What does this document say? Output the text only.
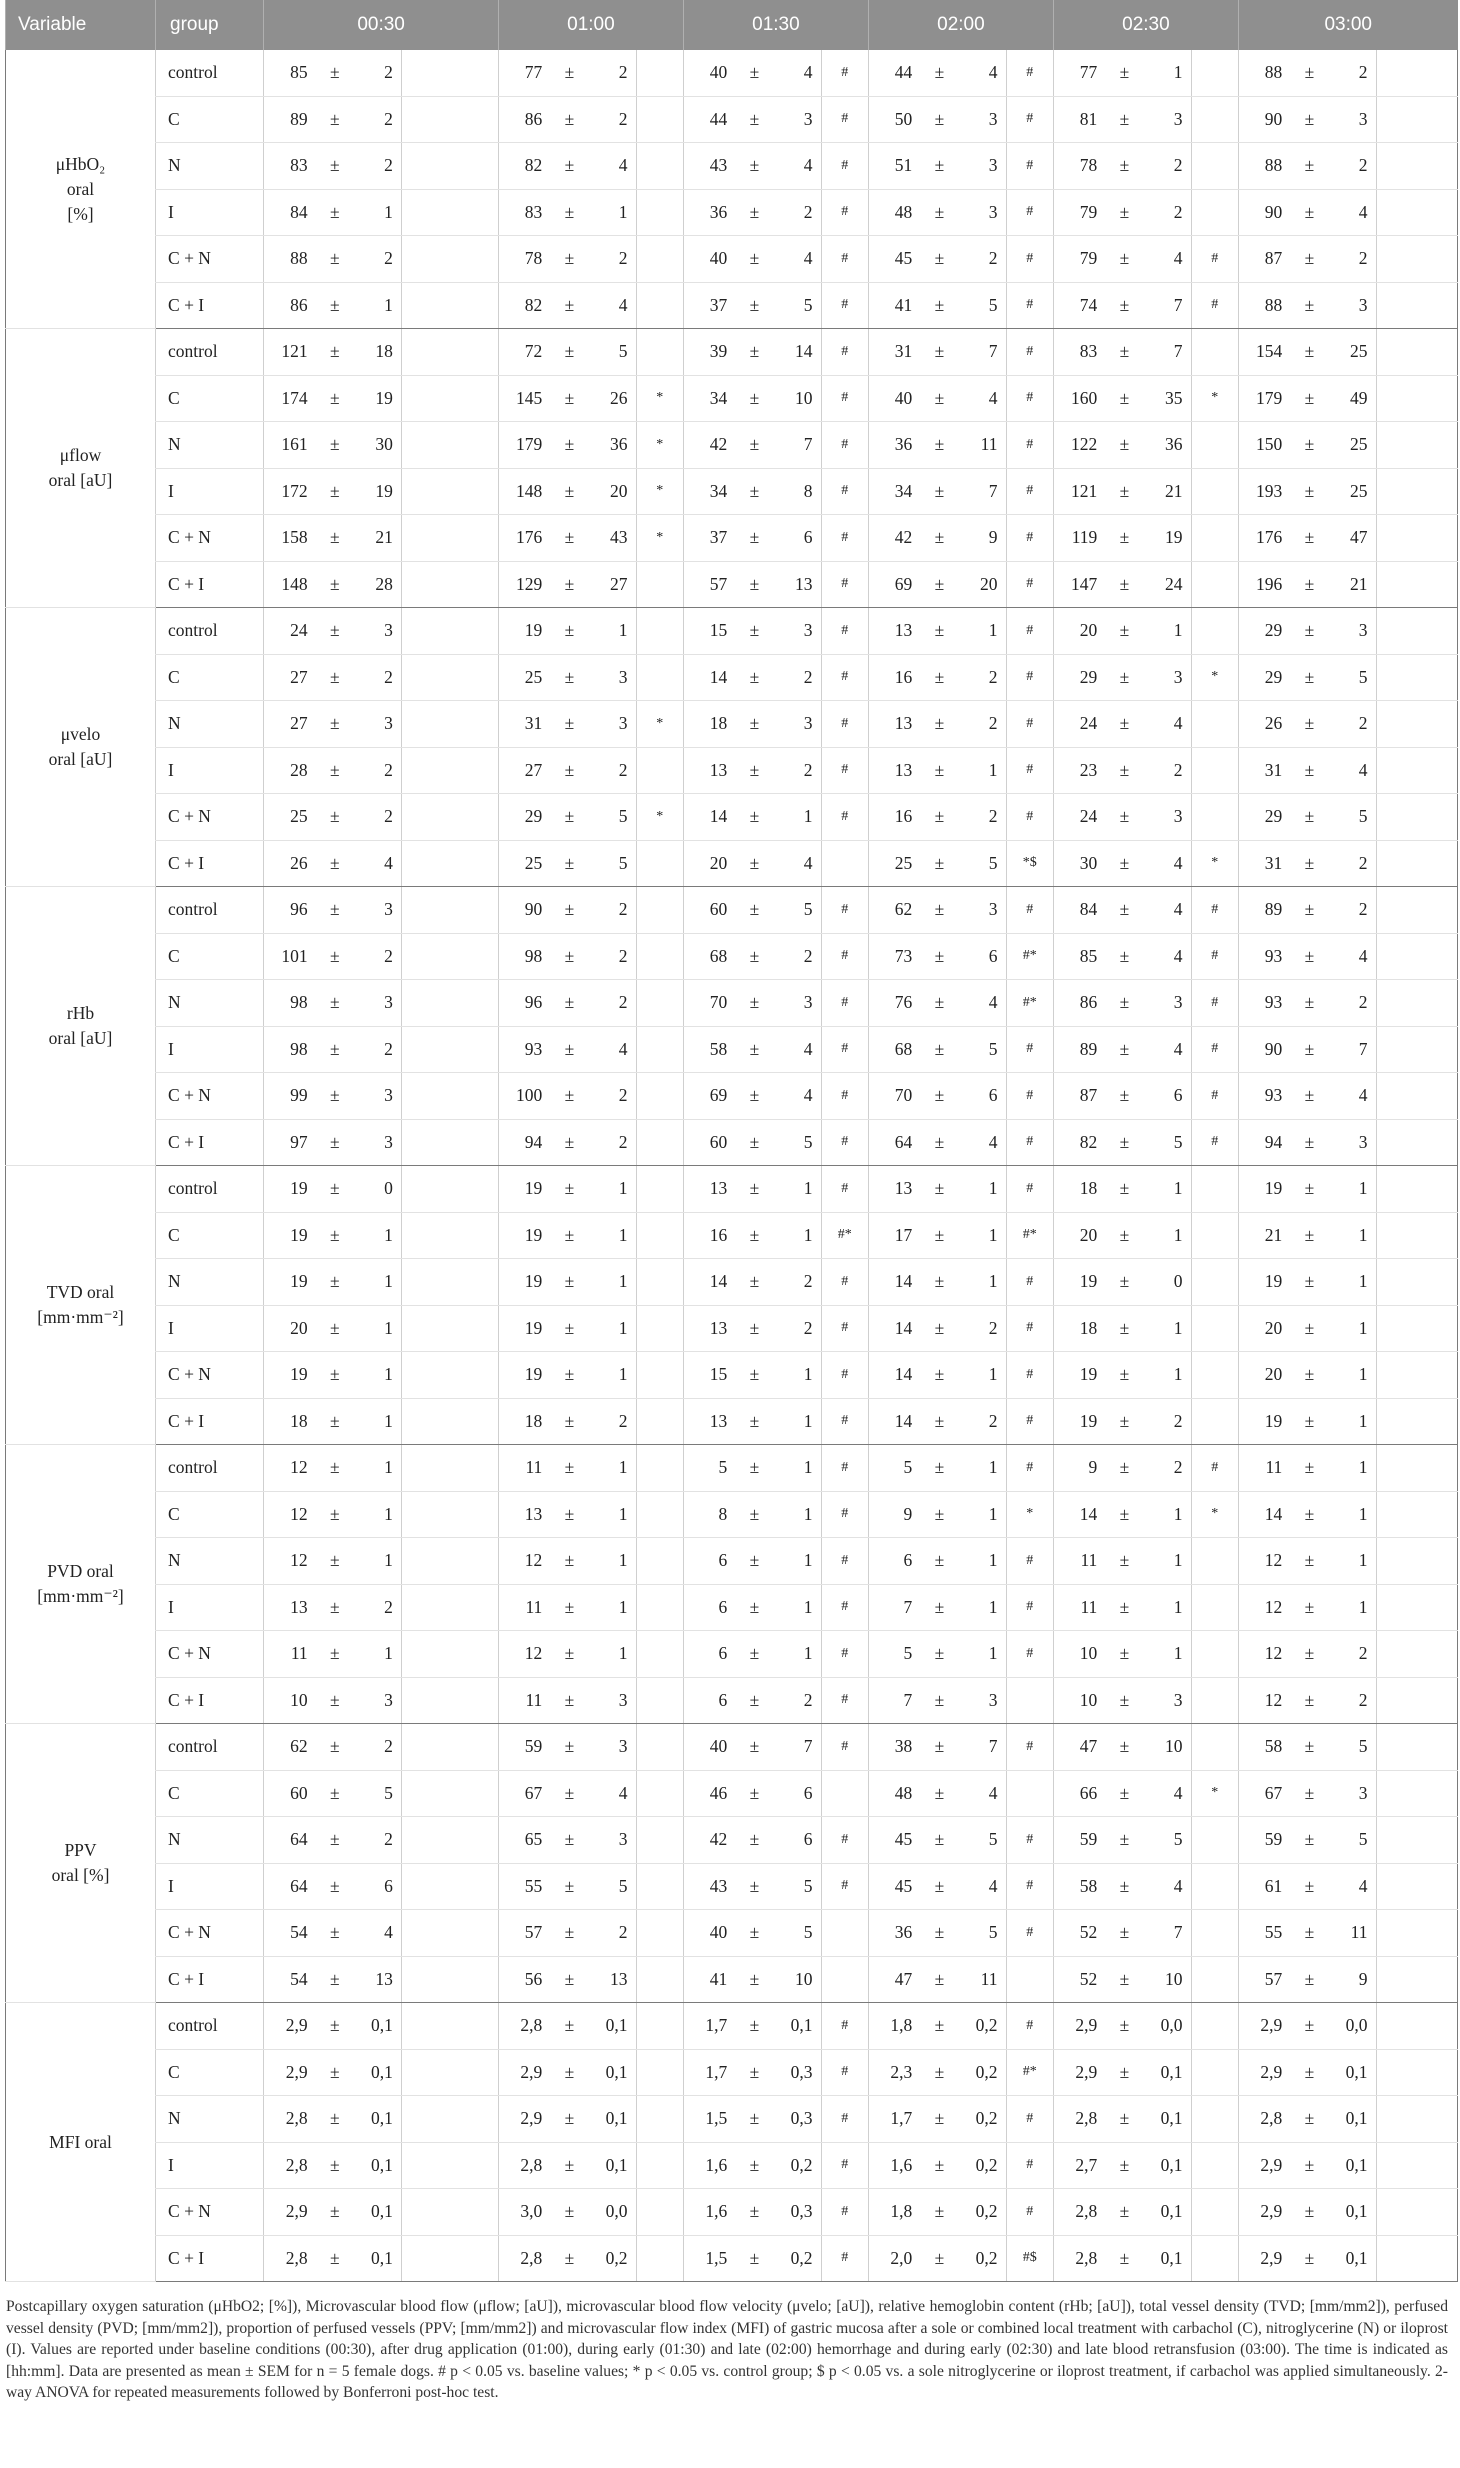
Variable	group	00:30				01:00				01:30				02:00				02:30				03:00			
μHbO₂
oral
[%]	control	85	±	2		77	±	2		40	±	4	#	44	±	4	#	77	±	1		88	±	2	
	C	89	±	2		86	±	2		44	±	3	#	50	±	3	#	81	±	3		90	±	3	
	N	83	±	2		82	±	4		43	±	4	#	51	±	3	#	78	±	2		88	±	2	
	I	84	±	1		83	±	1		36	±	2	#	48	±	3	#	79	±	2		90	±	4	
	C + N	88	±	2		78	±	2		40	±	4	#	45	±	2	#	79	±	4	#	87	±	2	
	C + I	86	±	1		82	±	4		37	±	5	#	41	±	5	#	74	±	7	#	88	±	3	
μflow
oral [aU]	control	121	±	18		72	±	5		39	±	14	#	31	±	7	#	83	±	7		154	±	25	
	C	174	±	19		145	±	26	*	34	±	10	#	40	±	4	#	160	±	35	*	179	±	49	
	N	161	±	30		179	±	36	*	42	±	7	#	36	±	11	#	122	±	36		150	±	25	
	I	172	±	19		148	±	20	*	34	±	8	#	34	±	7	#	121	±	21		193	±	25	
	C + N	158	±	21		176	±	43	*	37	±	6	#	42	±	9	#	119	±	19		176	±	47	
	C + I	148	±	28		129	±	27		57	±	13	#	69	±	20	#	147	±	24		196	±	21	
μvelo
oral [aU]	control	24	±	3		19	±	1		15	±	3	#	13	±	1	#	20	±	1		29	±	3	
	C	27	±	2		25	±	3		14	±	2	#	16	±	2	#	29	±	3	*	29	±	5	
	N	27	±	3		31	±	3	*	18	±	3	#	13	±	2	#	24	±	4		26	±	2	
	I	28	±	2		27	±	2		13	±	2	#	13	±	1	#	23	±	2		31	±	4	
	C + N	25	±	2		29	±	5	*	14	±	1	#	16	±	2	#	24	±	3		29	±	5	
	C + I	26	±	4		25	±	5		20	±	4		25	±	5	*$	30	±	4	*	31	±	2	
rHb
oral [aU]	control	96	±	3		90	±	2		60	±	5	#	62	±	3	#	84	±	4	#	89	±	2	
	C	101	±	2		98	±	2		68	±	2	#	73	±	6	#*	85	±	4	#	93	±	4	
	N	98	±	3		96	±	2		70	±	3	#	76	±	4	#*	86	±	3	#	93	±	2	
	I	98	±	2		93	±	4		58	±	4	#	68	±	5	#	89	±	4	#	90	±	7	
	C + N	99	±	3		100	±	2		69	±	4	#	70	±	6	#	87	±	6	#	93	±	4	
	C + I	97	±	3		94	±	2		60	±	5	#	64	±	4	#	82	±	5	#	94	±	3	
TVD oral
[mm·mm⁻²]	control	19	±	0		19	±	1		13	±	1	#	13	±	1	#	18	±	1		19	±	1	
	C	19	±	1		19	±	1		16	±	1	#*	17	±	1	#*	20	±	1		21	±	1	
	N	19	±	1		19	±	1		14	±	2	#	14	±	1	#	19	±	0		19	±	1	
	I	20	±	1		19	±	1		13	±	2	#	14	±	2	#	18	±	1		20	±	1	
	C + N	19	±	1		19	±	1		15	±	1	#	14	±	1	#	19	±	1		20	±	1	
	C + I	18	±	1		18	±	2		13	±	1	#	14	±	2	#	19	±	2		19	±	1	
PVD oral
[mm·mm⁻²]	control	12	±	1		11	±	1		5	±	1	#	5	±	1	#	9	±	2	#	11	±	1	
	C	12	±	1		13	±	1		8	±	1	#	9	±	1	*	14	±	1	*	14	±	1	
	N	12	±	1		12	±	1		6	±	1	#	6	±	1	#	11	±	1		12	±	1	
	I	13	±	2		11	±	1		6	±	1	#	7	±	1	#	11	±	1		12	±	1	
	C + N	11	±	1		12	±	1		6	±	1	#	5	±	1	#	10	±	1		12	±	2	
	C + I	10	±	3		11	±	3		6	±	2	#	7	±	3		10	±	3		12	±	2	
PPV
oral [%]	control	62	±	2		59	±	3		40	±	7	#	38	±	7	#	47	±	10		58	±	5	
	C	60	±	5		67	±	4		46	±	6		48	±	4		66	±	4	*	67	±	3	
	N	64	±	2		65	±	3		42	±	6	#	45	±	5	#	59	±	5		59	±	5	
	I	64	±	6		55	±	5		43	±	5	#	45	±	4	#	58	±	4		61	±	4	
	C + N	54	±	4		57	±	2		40	±	5		36	±	5	#	52	±	7		55	±	11	
	C + I	54	±	13		56	±	13		41	±	10		47	±	11		52	±	10		57	±	9	
MFI oral	control	2,9	±	0,1		2,8	±	0,1		1,7	±	0,1	#	1,8	±	0,2	#	2,9	±	0,0		2,9	±	0,0	
	C	2,9	±	0,1		2,9	±	0,1		1,7	±	0,3	#	2,3	±	0,2	#*	2,9	±	0,1		2,9	±	0,1	
	N	2,8	±	0,1		2,9	±	0,1		1,5	±	0,3	#	1,7	±	0,2	#	2,8	±	0,1		2,8	±	0,1	
	I	2,8	±	0,1		2,8	±	0,1		1,6	±	0,2	#	1,6	±	0,2	#	2,7	±	0,1		2,9	±	0,1	
	C + N	2,9	±	0,1		3,0	±	0,0		1,6	±	0,3	#	1,8	±	0,2	#	2,8	±	0,1		2,9	±	0,1	
	C + I	2,8	±	0,1		2,8	±	0,2		1,5	±	0,2	#	2,0	±	0,2	#$	2,8	±	0,1		2,9	±	0,1	
Postcapillary oxygen saturation (μHbO2; [%]), Microvascular blood flow (μflow; [aU]), microvascular blood flow velocity (μvelo; [aU]), relative hemoglobin content (rHb; [aU]), total vessel density (TVD; [mm/mm2]), perfused vessel density (PVD; [mm/mm2]), proportion of perfused vessels (PPV; [mm/mm2]) and microvascular flow index (MFI) of gastric mucosa after a sole or combined local treatment with carbachol (C), nitroglycerine (N) or iloprost (I). Values are reported under baseline conditions (00:30), after drug application (01:00), during early (01:30) and late (02:00) hemorrhage and during early (02:30) and late blood retransfusion (03:00). The time is indicated as [hh:mm]. Data are presented as mean ± SEM for n = 5 female dogs. # p < 0.05 vs. baseline values; * p < 0.05 vs. control group; $ p < 0.05 vs. a sole nitroglycerine or iloprost treatment, if carbachol was applied simultaneously. 2-way ANOVA for repeated measurements followed by Bonferroni post-hoc test.
